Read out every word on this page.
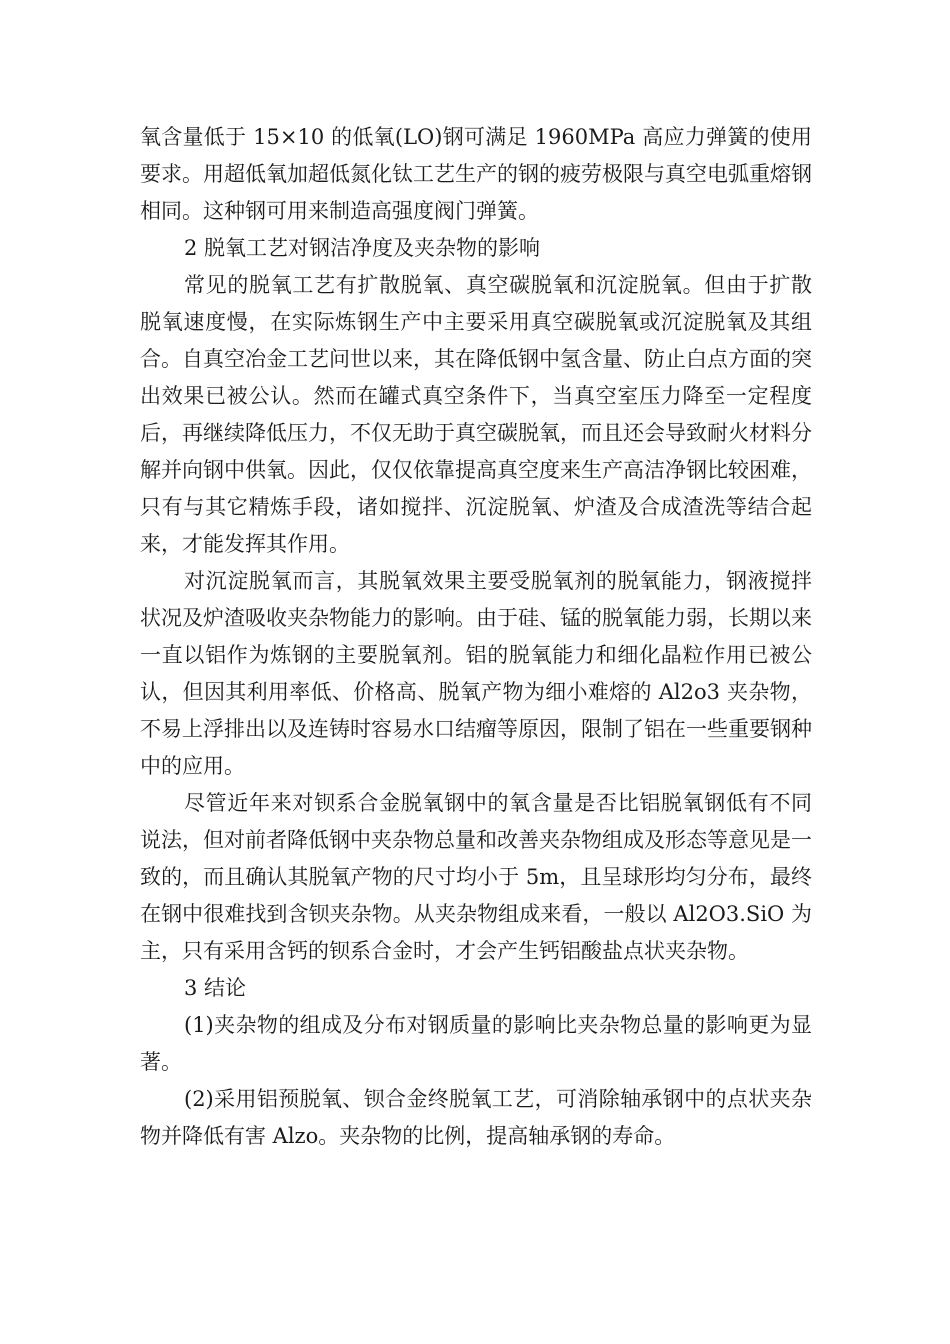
氧含量低于 15×10 的低氧(LO)钢可满足 1960MPa 高应力弹簧的使用要求。用超低氧加超低氮化钛工艺生产的钢的疲劳极限与真空电弧重熔钢相同。这种钢可用来制造高强度阀门弹簧。

2 脱氧工艺对钢洁净度及夹杂物的影响

常见的脱氧工艺有扩散脱氧、真空碳脱氧和沉淀脱氧。但由于扩散脱氧速度慢，在实际炼钢生产中主要采用真空碳脱氧或沉淀脱氧及其组合。自真空冶金工艺问世以来，其在降低钢中氢含量、防止白点方面的突出效果已被公认。然而在罐式真空条件下，当真空室压力降至一定程度后，再继续降低压力，不仅无助于真空碳脱氧，而且还会导致耐火材料分解并向钢中供氧。因此，仅仅依靠提高真空度来生产高洁净钢比较困难，只有与其它精炼手段，诸如搅拌、沉淀脱氧、炉渣及合成渣洗等结合起来，才能发挥其作用。

对沉淀脱氧而言，其脱氧效果主要受脱氧剂的脱氧能力，钢液搅拌状况及炉渣吸收夹杂物能力的影响。由于硅、锰的脱氧能力弱，长期以来一直以铝作为炼钢的主要脱氧剂。铝的脱氧能力和细化晶粒作用已被公认，但因其利用率低、价格高、脱氧产物为细小难熔的 Al2o3 夹杂物，不易上浮排出以及连铸时容易水口结瘤等原因，限制了铝在一些重要钢种中的应用。

尽管近年来对钡系合金脱氧钢中的氧含量是否比铝脱氧钢低有不同说法，但对前者降低钢中夹杂物总量和改善夹杂物组成及形态等意见是一致的，而且确认其脱氧产物的尺寸均小于 5m，且呈球形均匀分布，最终在钢中很难找到含钡夹杂物。从夹杂物组成来看，一般以 Al2O3.SiO 为主，只有采用含钙的钡系合金时，才会产生钙铝酸盐点状夹杂物。

3 结论

(1)夹杂物的组成及分布对钢质量的影响比夹杂物总量的影响更为显著。

(2)采用铝预脱氧、钡合金终脱氧工艺，可消除轴承钢中的点状夹杂物并降低有害 Alzo。夹杂物的比例，提高轴承钢的寿命。
